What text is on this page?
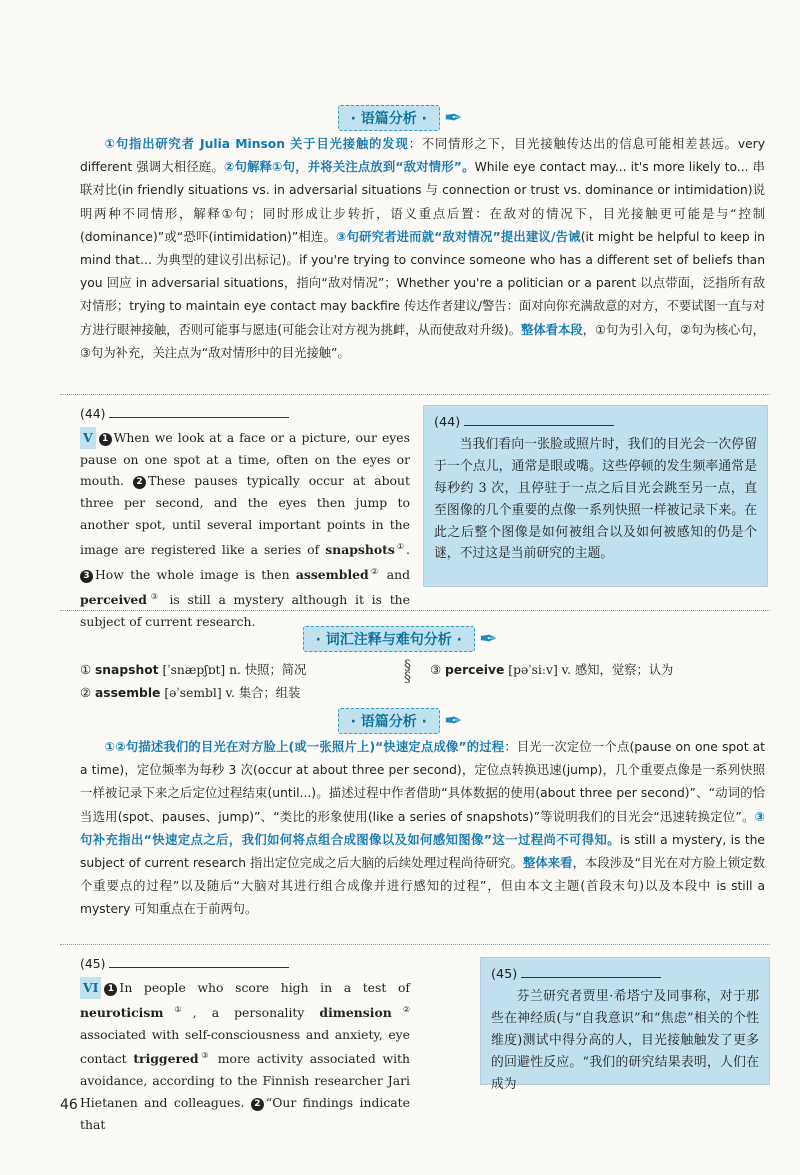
· 语篇分析 · ✒
①句指出研究者 Julia Minson 关于目光接触的发现：不同情形之下，目光接触传达出的信息可能相差甚远。very different 强调大相径庭。②句解释①句，并将关注点放到“敌对情形”。While eye contact may... it's more likely to... 串联对比(in friendly situations vs. in adversarial situations 与 connection or trust vs. dominance or intimidation)说明两种不同情形，解释①句；同时形成让步转折，语义重点后置：在敌对的情况下，目光接触更可能是与“控制(dominance)”或“恐吓(intimidation)”相连。③句研究者进而就“敌对情况”提出建议/告诫(it might be helpful to keep in mind that... 为典型的建议引出标记)。if you're trying to convince someone who has a different set of beliefs than you 回应 in adversarial situations，指向“敌对情况”；Whether you're a politician or a parent 以点带面，泛指所有敌对情形；trying to maintain eye contact may backfire 传达作者建议/警告：面对向你充满敌意的对方，不要试图一直与对方进行眼神接触，否则可能事与愿违(可能会让对方视为挑衅，从而使敌对升级)。整体看本段，①句为引入句，②句为核心句，③句为补充，关注点为“敌对情形中的目光接触”。
(44)
V 1 When we look at a face or a picture, our eyes pause on one spot at a time, often on the eyes or mouth. 2 These pauses typically occur at about three per second, and the eyes then jump to another spot, until several important points in the image are registered like a series of snapshots①. 3 How the whole image is then assembled② and perceived③ is still a mystery although it is the subject of current research.
(44)
当我们看向一张脸或照片时，我们的目光会一次停留于一个点儿，通常是眼或嘴。这些停顿的发生频率通常是每秒约 3 次，且停驻于一点之后目光会跳至另一点，直至图像的几个重要的点像一系列快照一样被记录下来。在此之后整个图像是如何被组合以及如何被感知的仍是个谜，不过这是当前研究的主题。
· 词汇注释与难句分析 · ✒
① snapshot [ˈsnæpʃɒt] n. 快照；简况
② assemble [əˈsembl] v. 集合；组装
③ perceive [pəˈsiːv] v. 感知，觉察；认为
§
§
· 语篇分析 · ✒
①②句描述我们的目光在对方脸上(或一张照片上)“快速定点成像”的过程：目光一次定位一个点(pause on one spot at a time)，定位频率为每秒 3 次(occur at about three per second)，定位点转换迅速(jump)，几个重要点像是一系列快照一样被记录下来之后定位过程结束(until...)。描述过程中作者借助“具体数据的使用(about three per second)”、“动词的恰当选用(spot、pauses、jump)”、“类比的形象使用(like a series of snapshots)”等说明我们的目光会“迅速转换定位”。③句补充指出“快速定点之后，我们如何将点组合成图像以及如何感知图像”这一过程尚不可得知。is still a mystery, is the subject of current research 指出定位完成之后大脑的后续处理过程尚待研究。整体来看，本段涉及“目光在对方脸上锁定数个重要点的过程”以及随后“大脑对其进行组合成像并进行感知的过程”，但由本文主题(首段末句)以及本段中 is still a mystery 可知重点在于前两句。
(45)
VI 1 In people who score high in a test of neuroticism①, a personality dimension② associated with self-consciousness and anxiety, eye contact triggered③ more activity associated with avoidance, according to the Finnish researcher Jari Hietanen and colleagues. 2 “Our findings indicate that
(45)
芬兰研究者贾里·希塔宁及同事称，对于那些在神经质(与“自我意识”和“焦虑”相关的个性维度)测试中得分高的人，目光接触触发了更多的回避性反应。“我们的研究结果表明，人们在成为
46
